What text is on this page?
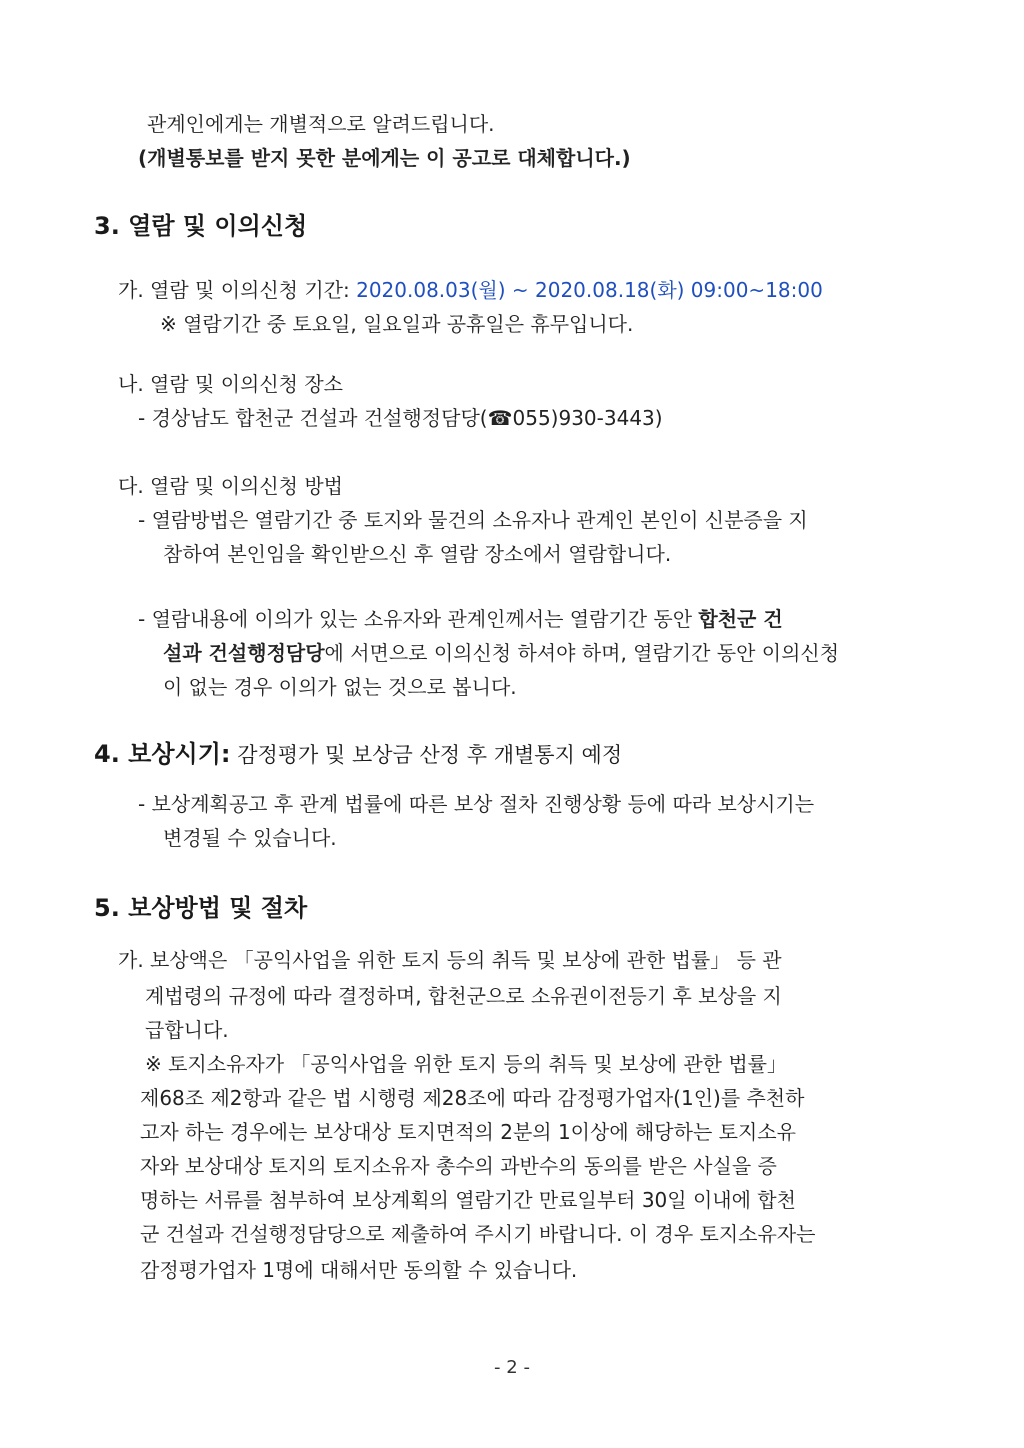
관계인에게는 개별적으로 알려드립니다.
(개별통보를 받지 못한 분에게는 이 공고로 대체합니다.)
3. 열람 및 이의신청
가. 열람 및 이의신청 기간: 2020.08.03(월) ~ 2020.08.18(화) 09:00~18:00
※ 열람기간 중 토요일, 일요일과 공휴일은 휴무입니다.
나. 열람 및 이의신청 장소
- 경상남도 합천군 건설과 건설행정담당(☎055)930-3443)
다. 열람 및 이의신청 방법
- 열람방법은 열람기간 중 토지와 물건의 소유자나 관계인 본인이 신분증을 지
참하여 본인임을 확인받으신 후 열람 장소에서 열람합니다.
- 열람내용에 이의가 있는 소유자와 관계인께서는 열람기간 동안 합천군 건
설과 건설행정담당에 서면으로 이의신청 하셔야 하며, 열람기간 동안 이의신청
이 없는 경우 이의가 없는 것으로 봅니다.
4. 보상시기: 감정평가 및 보상금 산정 후 개별통지 예정
- 보상계획공고 후 관계 법률에 따른 보상 절차 진행상황 등에 따라 보상시기는
변경될 수 있습니다.
5. 보상방법 및 절차
가. 보상액은 「공익사업을 위한 토지 등의 취득 및 보상에 관한 법률」 등 관
계법령의 규정에 따라 결정하며, 합천군으로 소유권이전등기 후 보상을 지
급합니다.
※ 토지소유자가 「공익사업을 위한 토지 등의 취득 및 보상에 관한 법률」
제68조 제2항과 같은 법 시행령 제28조에 따라 감정평가업자(1인)를 추천하
고자 하는 경우에는 보상대상 토지면적의 2분의 1이상에 해당하는 토지소유
자와 보상대상 토지의 토지소유자 총수의 과반수의 동의를 받은 사실을 증
명하는 서류를 첨부하여 보상계획의 열람기간 만료일부터 30일 이내에 합천
군 건설과 건설행정담당으로 제출하여 주시기 바랍니다. 이 경우 토지소유자는
감정평가업자 1명에 대해서만 동의할 수 있습니다.
- 2 -
